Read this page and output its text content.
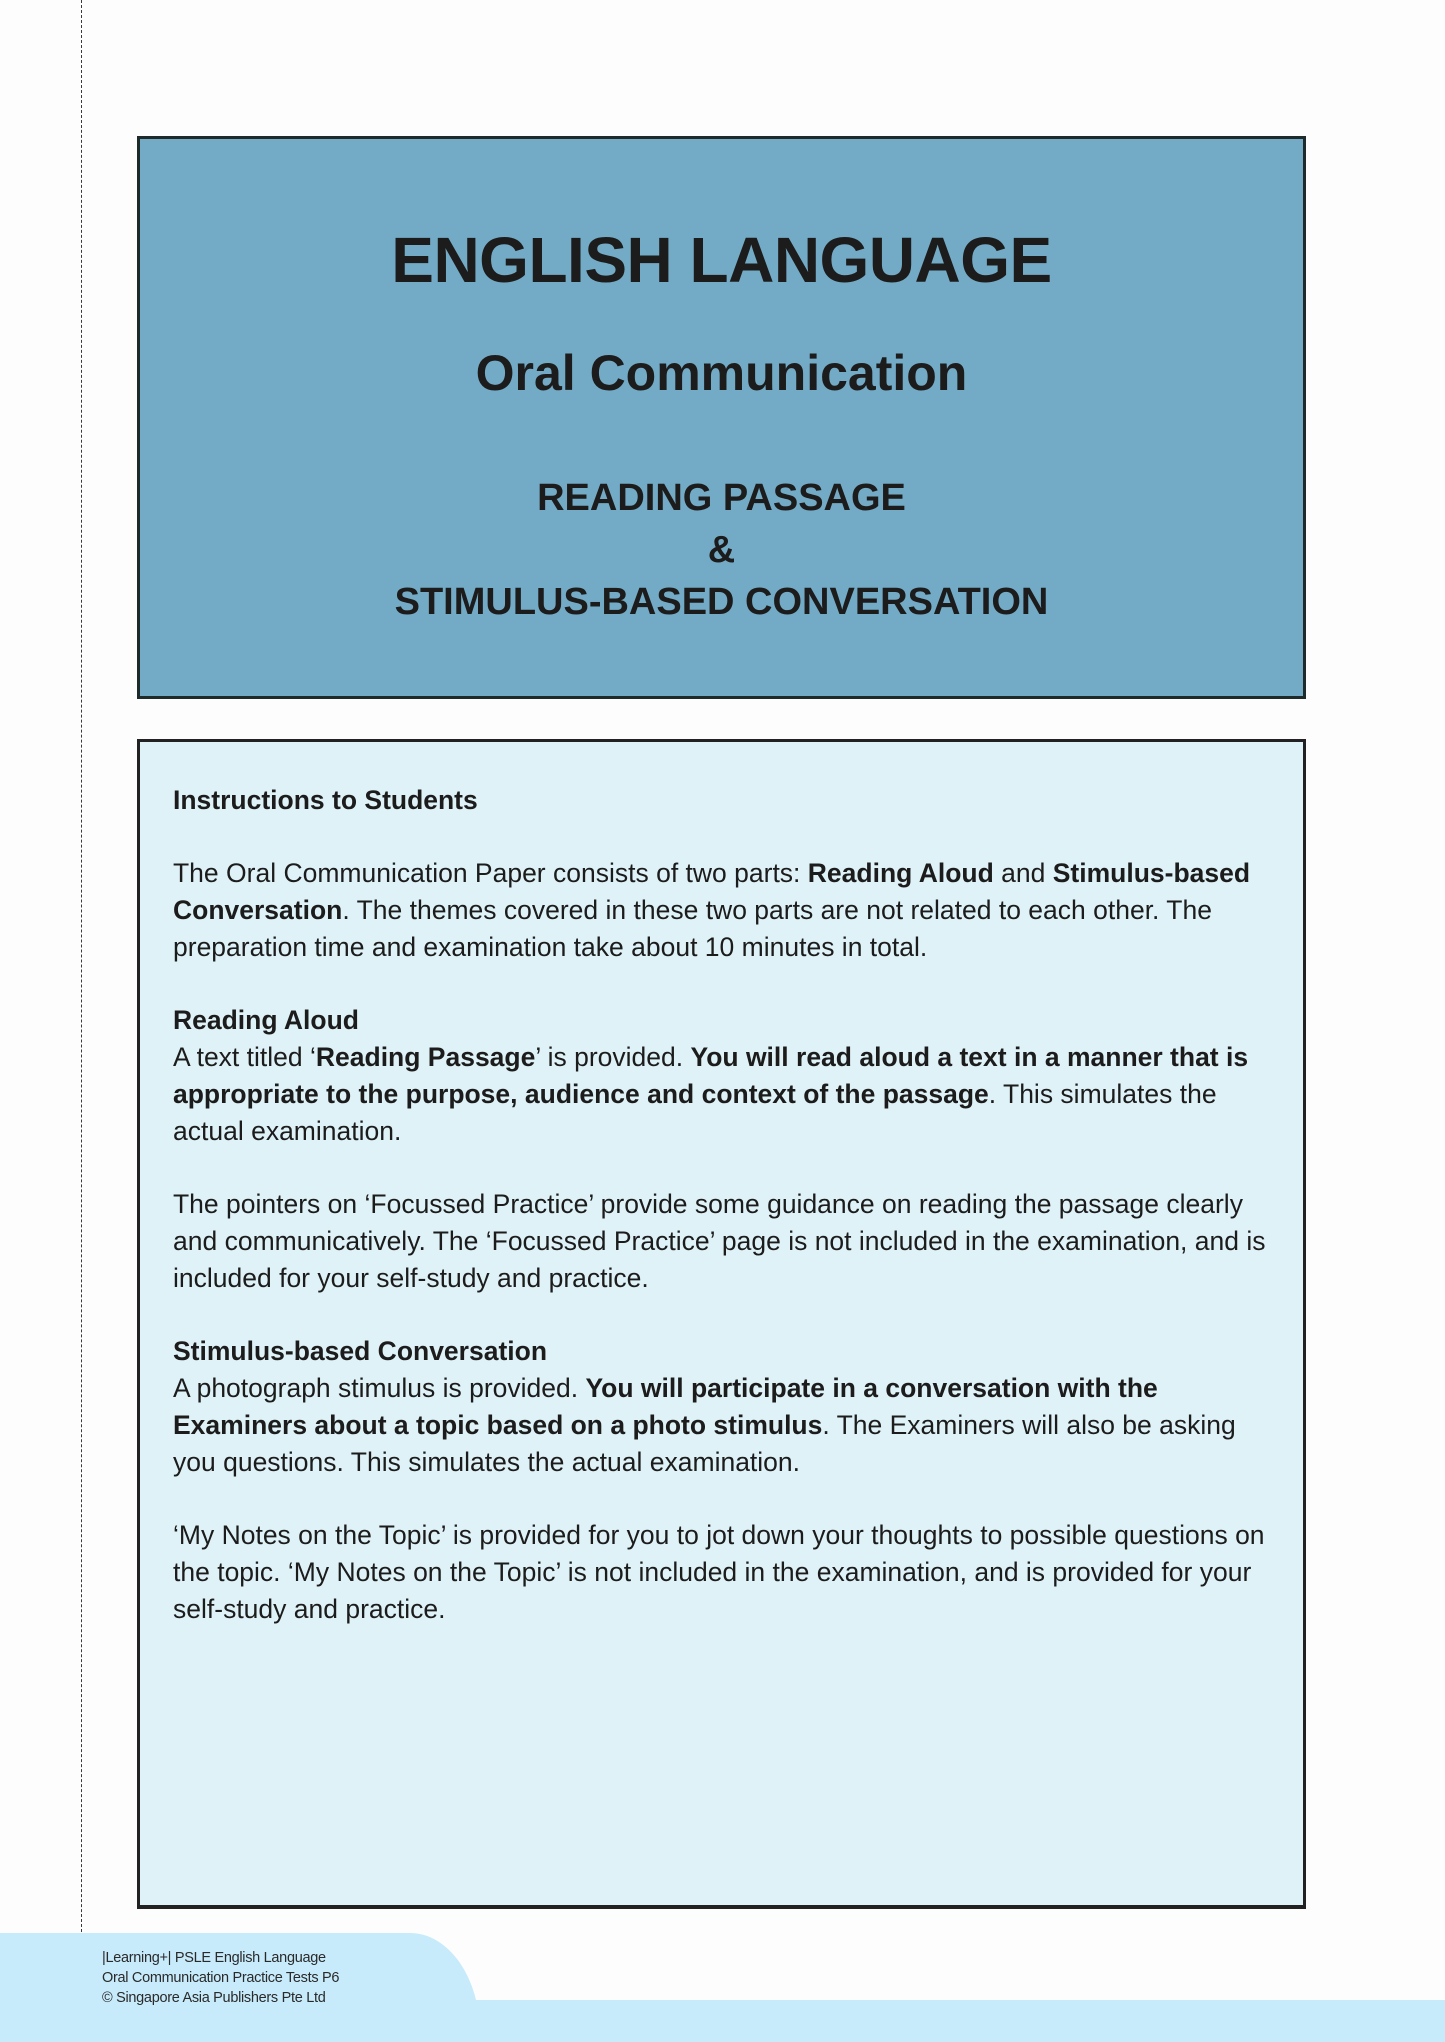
ENGLISH LANGUAGE
Oral Communication
READING PASSAGE
&
STIMULUS-BASED CONVERSATION
Instructions to Students

The Oral Communication Paper consists of two parts: Reading Aloud and Stimulus-based Conversation. The themes covered in these two parts are not related to each other. The preparation time and examination take about 10 minutes in total.

Reading Aloud
A text titled ‘Reading Passage’ is provided. You will read aloud a text in a manner that is appropriate to the purpose, audience and context of the passage. This simulates the actual examination.

The pointers on ‘Focussed Practice’ provide some guidance on reading the passage clearly and communicatively. The ‘Focussed Practice’ page is not included in the examination, and is included for your self-study and practice.

Stimulus-based Conversation
A photograph stimulus is provided. You will participate in a conversation with the Examiners about a topic based on a photo stimulus. The Examiners will also be asking you questions. This simulates the actual examination.

‘My Notes on the Topic’ is provided for you to jot down your thoughts to possible questions on the topic. ‘My Notes on the Topic’ is not included in the examination, and is provided for your self-study and practice.

|Learning+| PSLE English Language
Oral Communication Practice Tests P6
© Singapore Asia Publishers Pte Ltd
